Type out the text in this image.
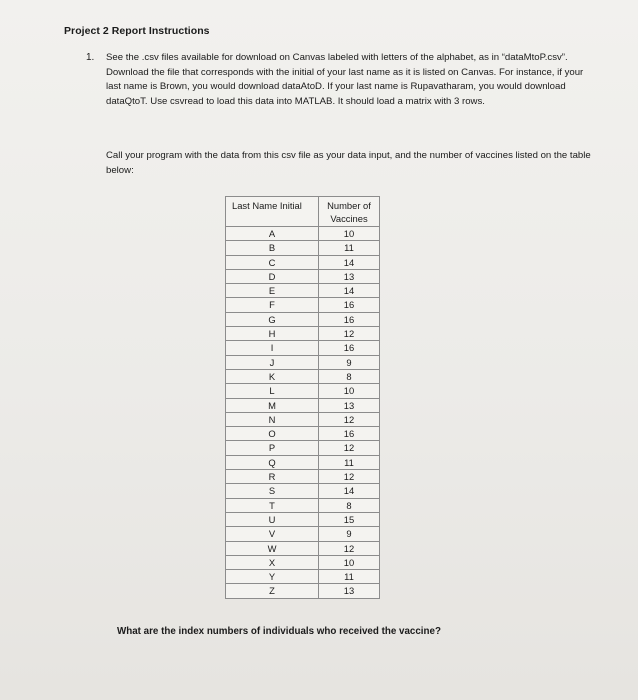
Project 2 Report Instructions
1. See the .csv files available for download on Canvas labeled with letters of the alphabet, as in “dataMtoP.csv”. Download the file that corresponds with the initial of your last name as it is listed on Canvas. For instance, if your last name is Brown, you would download dataAtoD. If your last name is Rupavatharam, you would download dataQtoT. Use csvread to load this data into MATLAB. It should load a matrix with 3 rows.
Call your program with the data from this csv file as your data input, and the number of vaccines listed on the table below:
Last Name Initial	Number of Vaccines
A	10
B	11
C	14
D	13
E	14
F	16
G	16
H	12
I	16
J	9
K	8
L	10
M	13
N	12
O	16
P	12
Q	11
R	12
S	14
T	8
U	15
V	9
W	12
X	10
Y	11
Z	13
What are the index numbers of individuals who received the vaccine?
